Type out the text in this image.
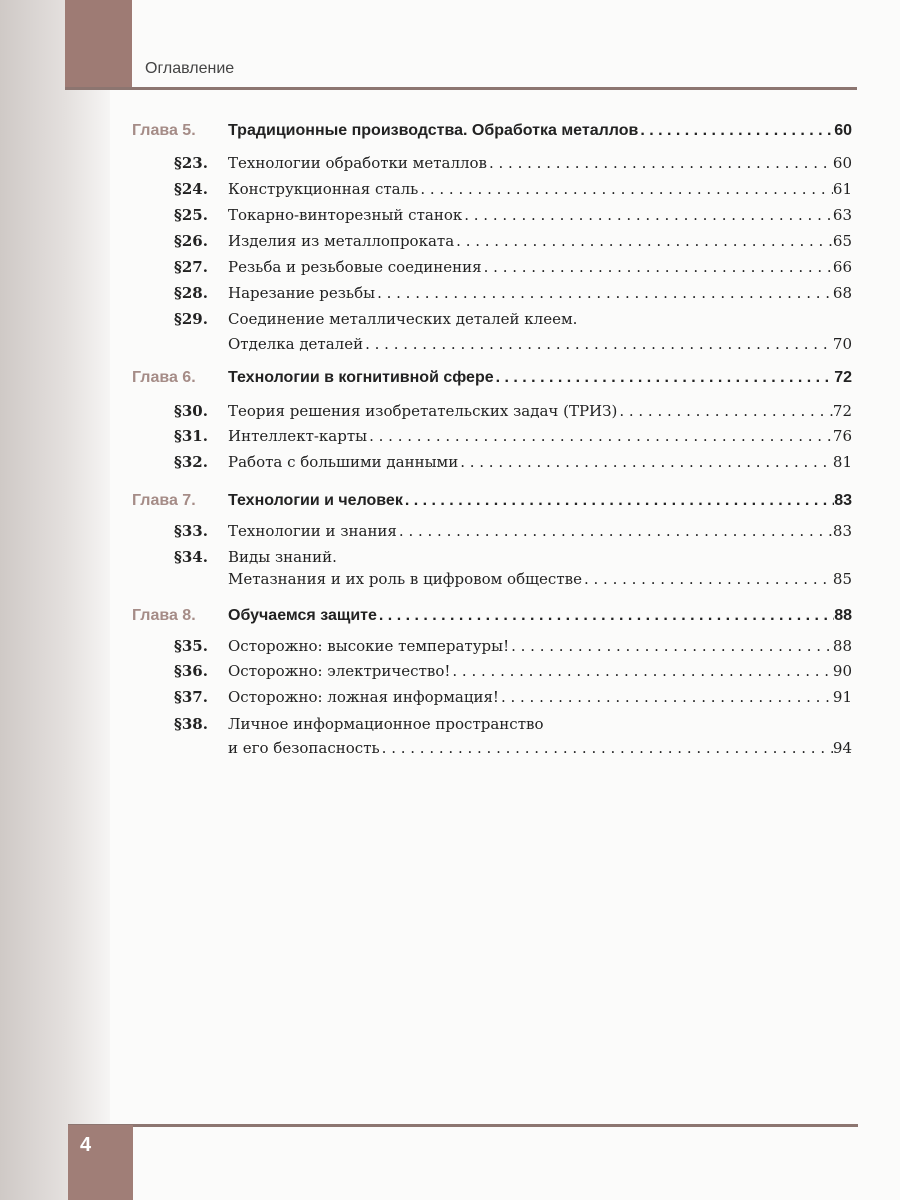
Оглавление
Глава 5. Традиционные производства. Обработка металлов . . .	60
§23. Технологии обработки металлов . . .	60
§24. Конструкционная сталь . . .	61
§25. Токарно-винторезный станок . . .	63
§26. Изделия из металлопроката . . .	65
§27. Резьба и резьбовые соединения . . .	66
§28. Нарезание резьбы . . .	68
§29. Соединение металлических деталей клеем.
Отделка деталей . . .	70
Глава 6. Технологии в когнитивной сфере . . .	72
§30. Теория решения изобретательских задач (ТРИЗ) . . .	72
§31. Интеллект-карты . . .	76
§32. Работа с большими данными . . .	81
Глава 7. Технологии и человек . . .	83
§33. Технологии и знания . . .	83
§34. Виды знаний.
Метазнания и их роль в цифровом обществе . . .	85
Глава 8. Обучаемся защите . . .	88
§35. Осторожно: высокие температуры! . . .	88
§36. Осторожно: электричество! . . .	90
§37. Осторожно: ложная информация! . . .	91
§38. Личное информационное пространство
и его безопасность . . .	94
4
